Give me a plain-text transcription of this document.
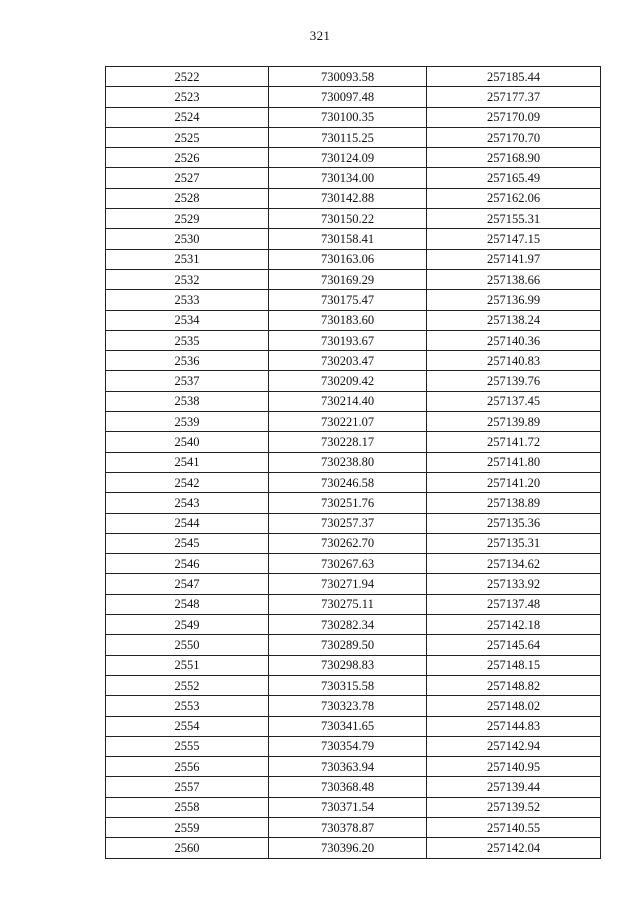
321
2522	730093.58	257185.44
2523	730097.48	257177.37
2524	730100.35	257170.09
2525	730115.25	257170.70
2526	730124.09	257168.90
2527	730134.00	257165.49
2528	730142.88	257162.06
2529	730150.22	257155.31
2530	730158.41	257147.15
2531	730163.06	257141.97
2532	730169.29	257138.66
2533	730175.47	257136.99
2534	730183.60	257138.24
2535	730193.67	257140.36
2536	730203.47	257140.83
2537	730209.42	257139.76
2538	730214.40	257137.45
2539	730221.07	257139.89
2540	730228.17	257141.72
2541	730238.80	257141.80
2542	730246.58	257141.20
2543	730251.76	257138.89
2544	730257.37	257135.36
2545	730262.70	257135.31
2546	730267.63	257134.62
2547	730271.94	257133.92
2548	730275.11	257137.48
2549	730282.34	257142.18
2550	730289.50	257145.64
2551	730298.83	257148.15
2552	730315.58	257148.82
2553	730323.78	257148.02
2554	730341.65	257144.83
2555	730354.79	257142.94
2556	730363.94	257140.95
2557	730368.48	257139.44
2558	730371.54	257139.52
2559	730378.87	257140.55
2560	730396.20	257142.04
